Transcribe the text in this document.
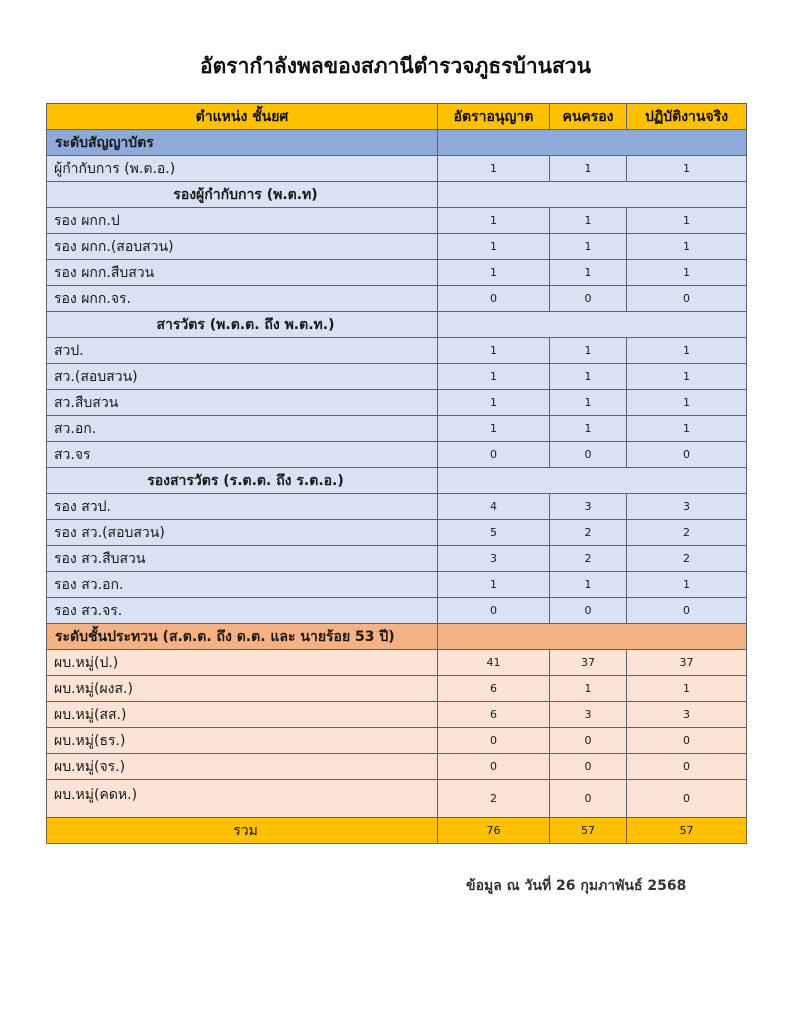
อัตรากำลังพลของสภานีตำรวจภูธรบ้านสวน
ตำแหน่ง ชั้นยศ	อัตราอนุญาต	คนครอง	ปฏิบัติงานจริง
ระดับสัญญาบัตร			
ผู้กำกับการ (พ.ต.อ.)	1	1	1
รองผู้กำกับการ (พ.ต.ท)			
รอง ผกก.ป	1	1	1
รอง ผกก.(สอบสวน)	1	1	1
รอง ผกก.สืบสวน	1	1	1
รอง ผกก.จร.	0	0	0
สารวัตร (พ.ต.ต. ถึง พ.ต.ท.)			
สวป.	1	1	1
สว.(สอบสวน)	1	1	1
สว.สืบสวน	1	1	1
สว.อก.	1	1	1
สว.จร	0	0	0
รองสารวัตร (ร.ต.ต. ถึง ร.ต.อ.)			
รอง สวป.	4	3	3
รอง สว.(สอบสวน)	5	2	2
รอง สว.สืบสวน	3	2	2
รอง สว.อก.	1	1	1
รอง สว.จร.	0	0	0
ระดับชั้นประทวน (ส.ต.ต. ถึง ด.ต. และ นายร้อย 53 ปี)			
ผบ.หมู่(ป.)	41	37	37
ผบ.หมู่(ผงส.)	6	1	1
ผบ.หมู่(สส.)	6	3	3
ผบ.หมู่(ธร.)	0	0	0
ผบ.หมู่(จร.)	0	0	0
ผบ.หมู่(คดห.)	2	0	0
รวม	76	57	57
ข้อมูล ณ วันที่ 26 กุมภาพันธ์ 2568
